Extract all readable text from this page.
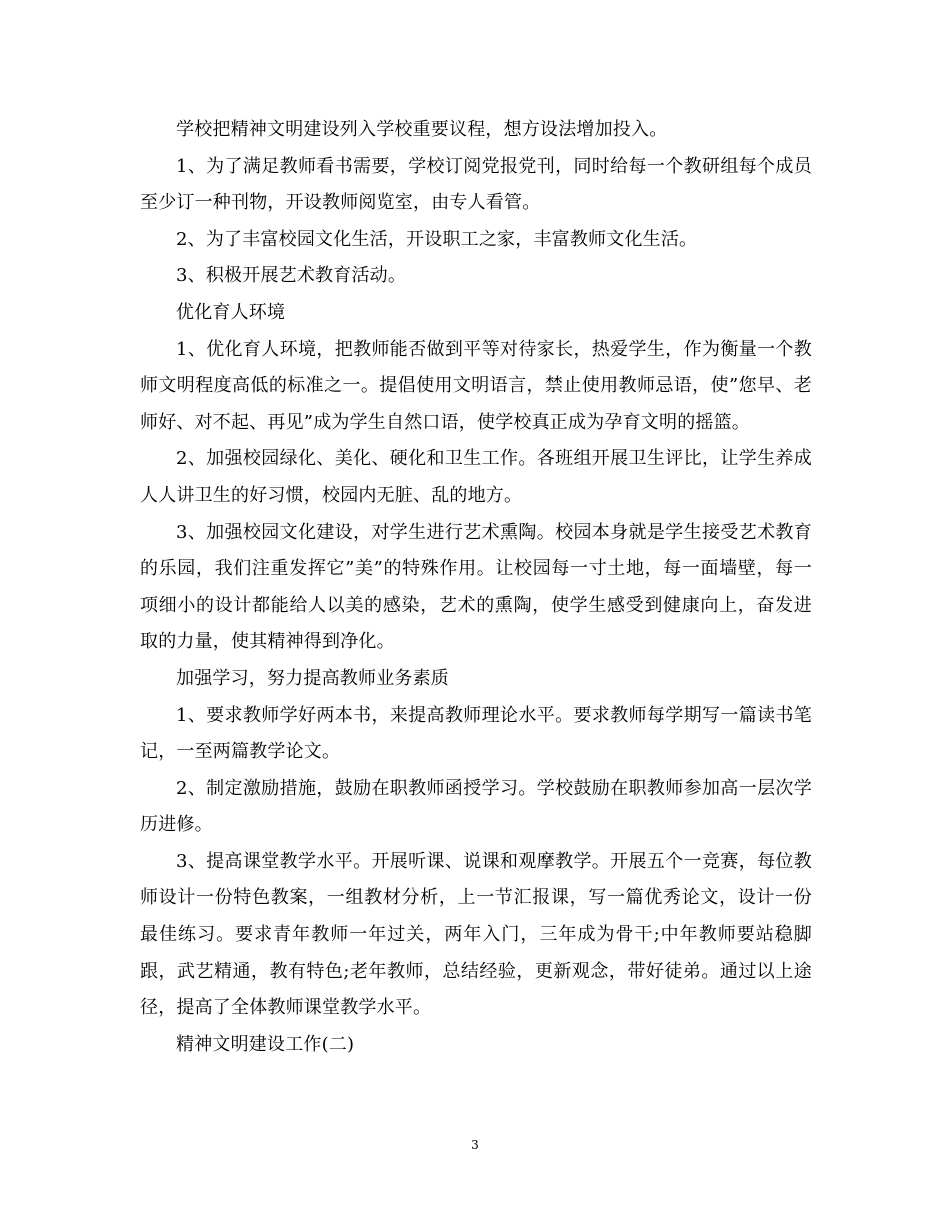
学校把精神文明建设列入学校重要议程，想方设法增加投入。

1、为了满足教师看书需要，学校订阅党报党刊，同时给每一个教研组每个成员至少订一种刊物，开设教师阅览室，由专人看管。

2、为了丰富校园文化生活，开设职工之家，丰富教师文化生活。

3、积极开展艺术教育活动。

优化育人环境

1、优化育人环境，把教师能否做到平等对待家长，热爱学生，作为衡量一个教师文明程度高低的标准之一。提倡使用文明语言，禁止使用教师忌语，使”您早、老师好、对不起、再见”成为学生自然口语，使学校真正成为孕育文明的摇篮。

2、加强校园绿化、美化、硬化和卫生工作。各班组开展卫生评比，让学生养成人人讲卫生的好习惯，校园内无脏、乱的地方。

3、加强校园文化建设，对学生进行艺术熏陶。校园本身就是学生接受艺术教育的乐园，我们注重发挥它”美”的特殊作用。让校园每一寸土地，每一面墙壁，每一项细小的设计都能给人以美的感染，艺术的熏陶，使学生感受到健康向上，奋发进取的力量，使其精神得到净化。

加强学习，努力提高教师业务素质

1、要求教师学好两本书，来提高教师理论水平。要求教师每学期写一篇读书笔记，一至两篇教学论文。

2、制定激励措施，鼓励在职教师函授学习。学校鼓励在职教师参加高一层次学历进修。

3、提高课堂教学水平。开展听课、说课和观摩教学。开展五个一竞赛，每位教师设计一份特色教案，一组教材分析，上一节汇报课，写一篇优秀论文，设计一份最佳练习。要求青年教师一年过关，两年入门，三年成为骨干;中年教师要站稳脚跟，武艺精通，教有特色;老年教师，总结经验，更新观念，带好徒弟。通过以上途径，提高了全体教师课堂教学水平。

精神文明建设工作(二)

3
